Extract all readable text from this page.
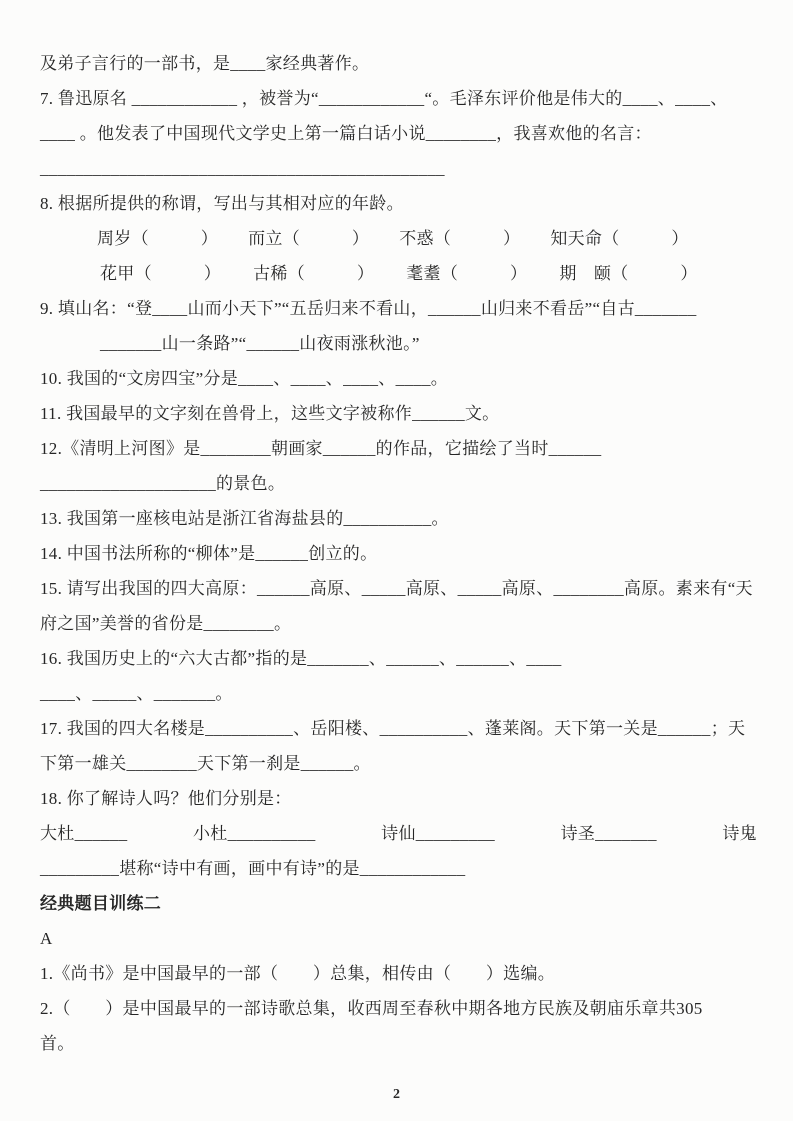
及弟子言行的一部书，是____家经典著作。
7. 鲁迅原名 ____________ ，被誉为“____________“。毛泽东评价他是伟大的____、____、
____ 。他发表了中国现代文学史上第一篇白话小说________，我喜欢他的名言：
______________________________________________
8. 根据所提供的称谓，写出与其相对应的年龄。
周岁（　　　） 而立（　　　） 不惑（　　　） 知天命（　　　）
花甲（　　　） 古稀（　　　） 耄耋（　　　） 期　颐（　　　）
9. 填山名：“登____山而小天下”“五岳归来不看山，______山归来不看岳”“自古_______
_______山一条路”“______山夜雨涨秋池。”
10. 我国的“文房四宝”分是____、____、____、____。
11. 我国最早的文字刻在兽骨上，这些文字被称作______文。
12.《清明上河图》是________朝画家______的作品，它描绘了当时______
____________________的景色。
13. 我国第一座核电站是浙江省海盐县的__________。
14. 中国书法所称的“柳体”是______创立的。
15. 请写出我国的四大高原：______高原、_____高原、_____高原、________高原。素来有“天
府之国”美誉的省份是________。
16. 我国历史上的“六大古都”指的是_______、______、______、____
____、_____、_______。
17. 我国的四大名楼是__________、岳阳楼、__________、蓬莱阁。天下第一关是______；天
下第一雄关________天下第一刹是______。
18. 你了解诗人吗？他们分别是：
大杜______	小杜__________	诗仙_________	诗圣_______	诗鬼
_________堪称“诗中有画，画中有诗”的是____________
经典题目训练二
A
1.《尚书》是中国最早的一部（　　）总集，相传由（　　）选编。
2.（　　）是中国最早的一部诗歌总集，收西周至春秋中期各地方民族及朝庙乐章共305
首。
2
